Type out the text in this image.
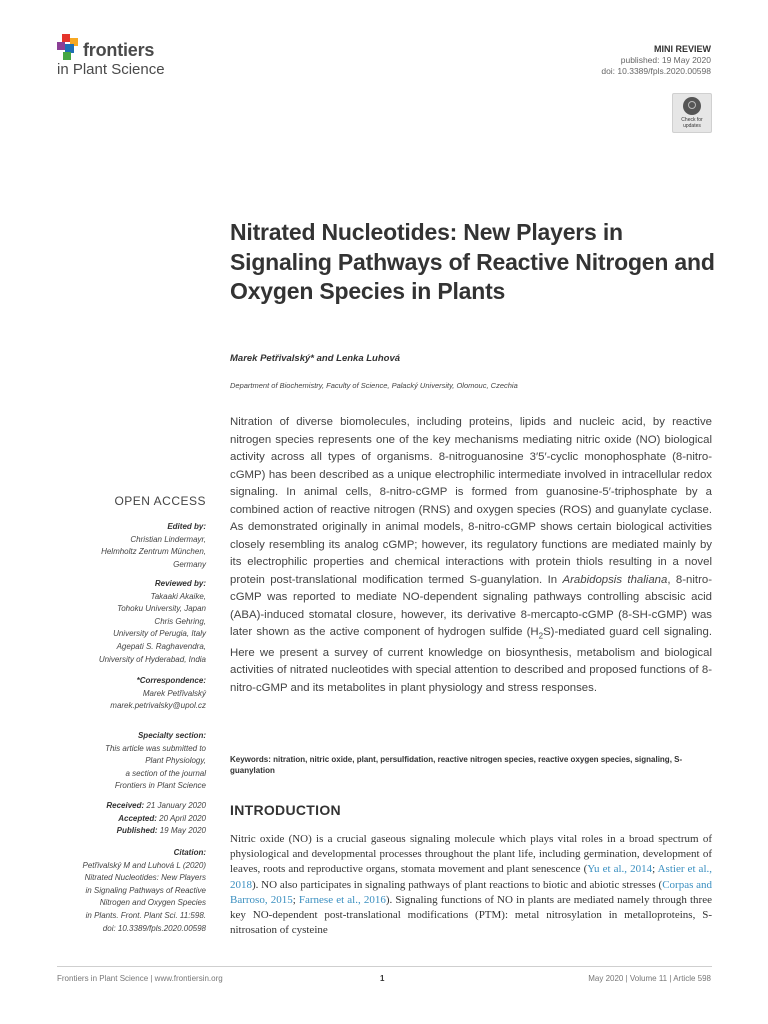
frontiers
in Plant Science
MINI REVIEW
published: 19 May 2020
doi: 10.3389/fpls.2020.00598
Check for
updates
Nitrated Nucleotides: New Players in Signaling Pathways of Reactive Nitrogen and Oxygen Species in Plants
Marek Petřivalský* and Lenka Luhová
Department of Biochemistry, Faculty of Science, Palacký University, Olomouc, Czechia
Nitration of diverse biomolecules, including proteins, lipids and nucleic acid, by reactive nitrogen species represents one of the key mechanisms mediating nitric oxide (NO) biological activity across all types of organisms. 8-nitroguanosine 3′5′-cyclic monophosphate (8-nitro-cGMP) has been described as a unique electrophilic intermediate involved in intracellular redox signaling. In animal cells, 8-nitro-cGMP is formed from guanosine-5′-triphosphate by a combined action of reactive nitrogen (RNS) and oxygen species (ROS) and guanylate cyclase. As demonstrated originally in animal models, 8-nitro-cGMP shows certain biological activities closely resembling its analog cGMP; however, its regulatory functions are mediated mainly by its electrophilic properties and chemical interactions with protein thiols resulting in a novel protein post-translational modification termed S-guanylation. In Arabidopsis thaliana, 8-nitro-cGMP was reported to mediate NO-dependent signaling pathways controlling abscisic acid (ABA)-induced stomatal closure, however, its derivative 8-mercapto-cGMP (8-SH-cGMP) was later shown as the active component of hydrogen sulfide $(H_2S)$-mediated guard cell signaling. Here we present a survey of current knowledge on biosynthesis, metabolism and biological activities of nitrated nucleotides with special attention to described and proposed functions of 8-nitro-cGMP and its metabolites in plant physiology and stress responses.
Keywords: nitration, nitric oxide, plant, persulfidation, reactive nitrogen species, reactive oxygen species, signaling, S-guanylation
INTRODUCTION
Nitric oxide (NO) is a crucial gaseous signaling molecule which plays vital roles in a broad spectrum of physiological and developmental processes throughout the plant life, including germination, development of leaves, roots and reproductive organs, stomata movement and plant senescence (Yu et al., 2014; Astier et al., 2018). NO also participates in signaling pathways of plant reactions to biotic and abiotic stresses (Corpas and Barroso, 2015; Farnese et al., 2016). Signaling functions of NO in plants are mediated namely through three key NO-dependent post-translational modifications (PTM): metal nitrosylation in metalloproteins, S-nitrosation of cysteine
OPEN ACCESS
Edited by:
Christian Lindermayr,
Helmholtz Zentrum München,
Germany
Reviewed by:
Takaaki Akaike,
Tohoku University, Japan
Chris Gehring,
University of Perugia, Italy
Agepati S. Raghavendra,
University of Hyderabad, India
*Correspondence:
Marek Petřivalský
marek.petrivalsky@upol.cz
Specialty section:
This article was submitted to
Plant Physiology,
a section of the journal
Frontiers in Plant Science
Received: 21 January 2020
Accepted: 20 April 2020
Published: 19 May 2020
Citation:
Petřivalský M and Luhová L (2020)
Nitrated Nucleotides: New Players
in Signaling Pathways of Reactive
Nitrogen and Oxygen Species
in Plants. Front. Plant Sci. 11:598.
doi: 10.3389/fpls.2020.00598
Frontiers in Plant Science | www.frontiersin.org	1	May 2020 | Volume 11 | Article 598
